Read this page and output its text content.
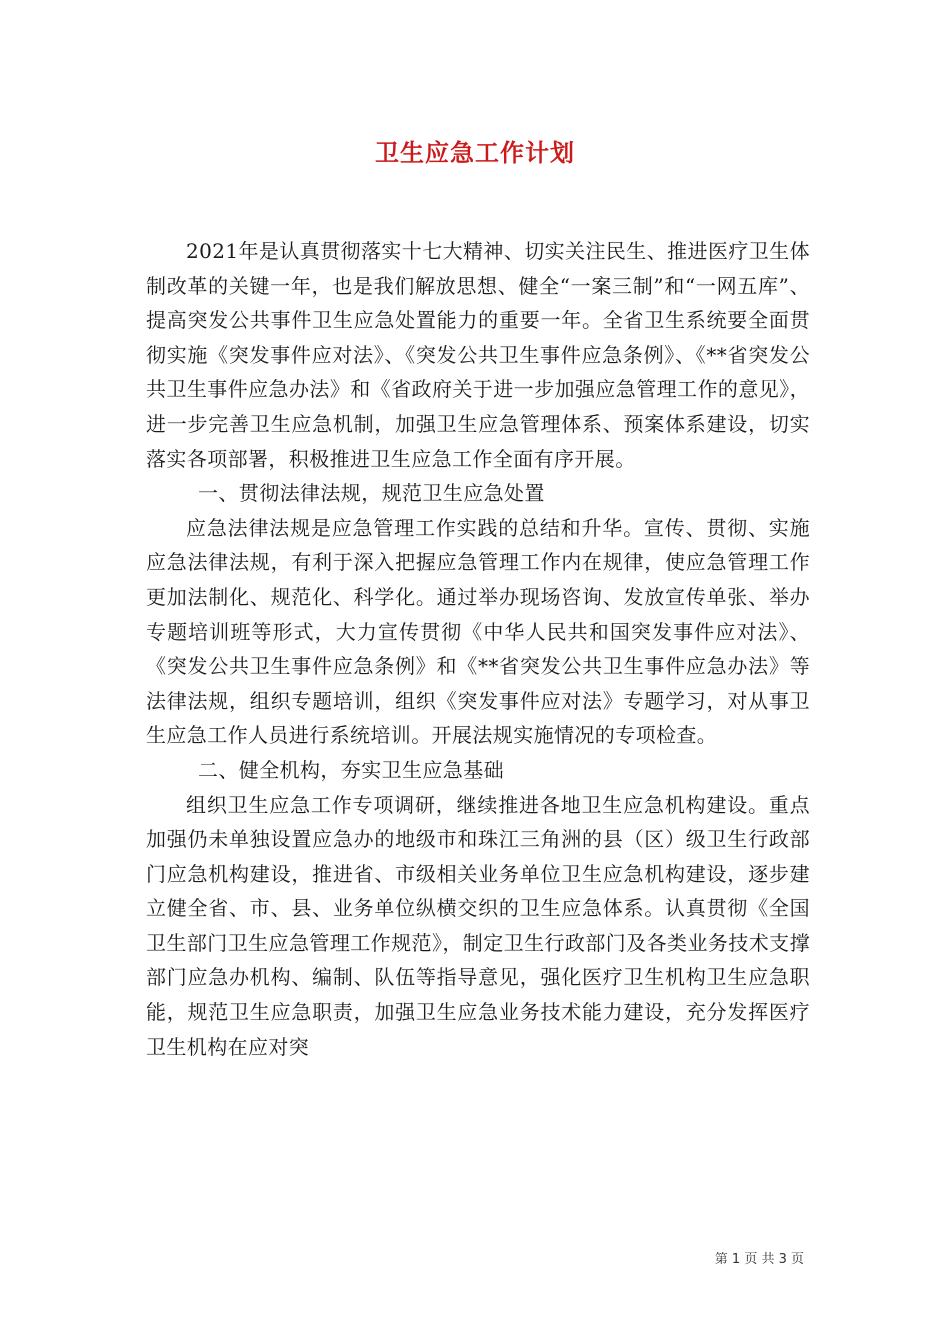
卫生应急工作计划

2021年是认真贯彻落实十七大精神、切实关注民生、推进医疗卫生体制改革的关键一年，也是我们解放思想、健全“一案三制”和“一网五库”、提高突发公共事件卫生应急处置能力的重要一年。全省卫生系统要全面贯彻实施《突发事件应对法》、《突发公共卫生事件应急条例》、《**省突发公共卫生事件应急办法》和《省政府关于进一步加强应急管理工作的意见》，进一步完善卫生应急机制，加强卫生应急管理体系、预案体系建设，切实落实各项部署，积极推进卫生应急工作全面有序开展。

一、贯彻法律法规，规范卫生应急处置

应急法律法规是应急管理工作实践的总结和升华。宣传、贯彻、实施应急法律法规，有利于深入把握应急管理工作内在规律，使应急管理工作更加法制化、规范化、科学化。通过举办现场咨询、发放宣传单张、举办专题培训班等形式，大力宣传贯彻《中华人民共和国突发事件应对法》、《突发公共卫生事件应急条例》和《**省突发公共卫生事件应急办法》等法律法规，组织专题培训，组织《突发事件应对法》专题学习，对从事卫生应急工作人员进行系统培训。开展法规实施情况的专项检查。

二、健全机构，夯实卫生应急基础

组织卫生应急工作专项调研，继续推进各地卫生应急机构建设。重点加强仍未单独设置应急办的地级市和珠江三角洲的县（区）级卫生行政部门应急机构建设，推进省、市级相关业务单位卫生应急机构建设，逐步建立健全省、市、县、业务单位纵横交织的卫生应急体系。认真贯彻《全国卫生部门卫生应急管理工作规范》，制定卫生行政部门及各类业务技术支撑部门应急办机构、编制、队伍等指导意见，强化医疗卫生机构卫生应急职能，规范卫生应急职责，加强卫生应急业务技术能力建设，充分发挥医疗卫生机构在应对突

第 1 页 共 3 页
